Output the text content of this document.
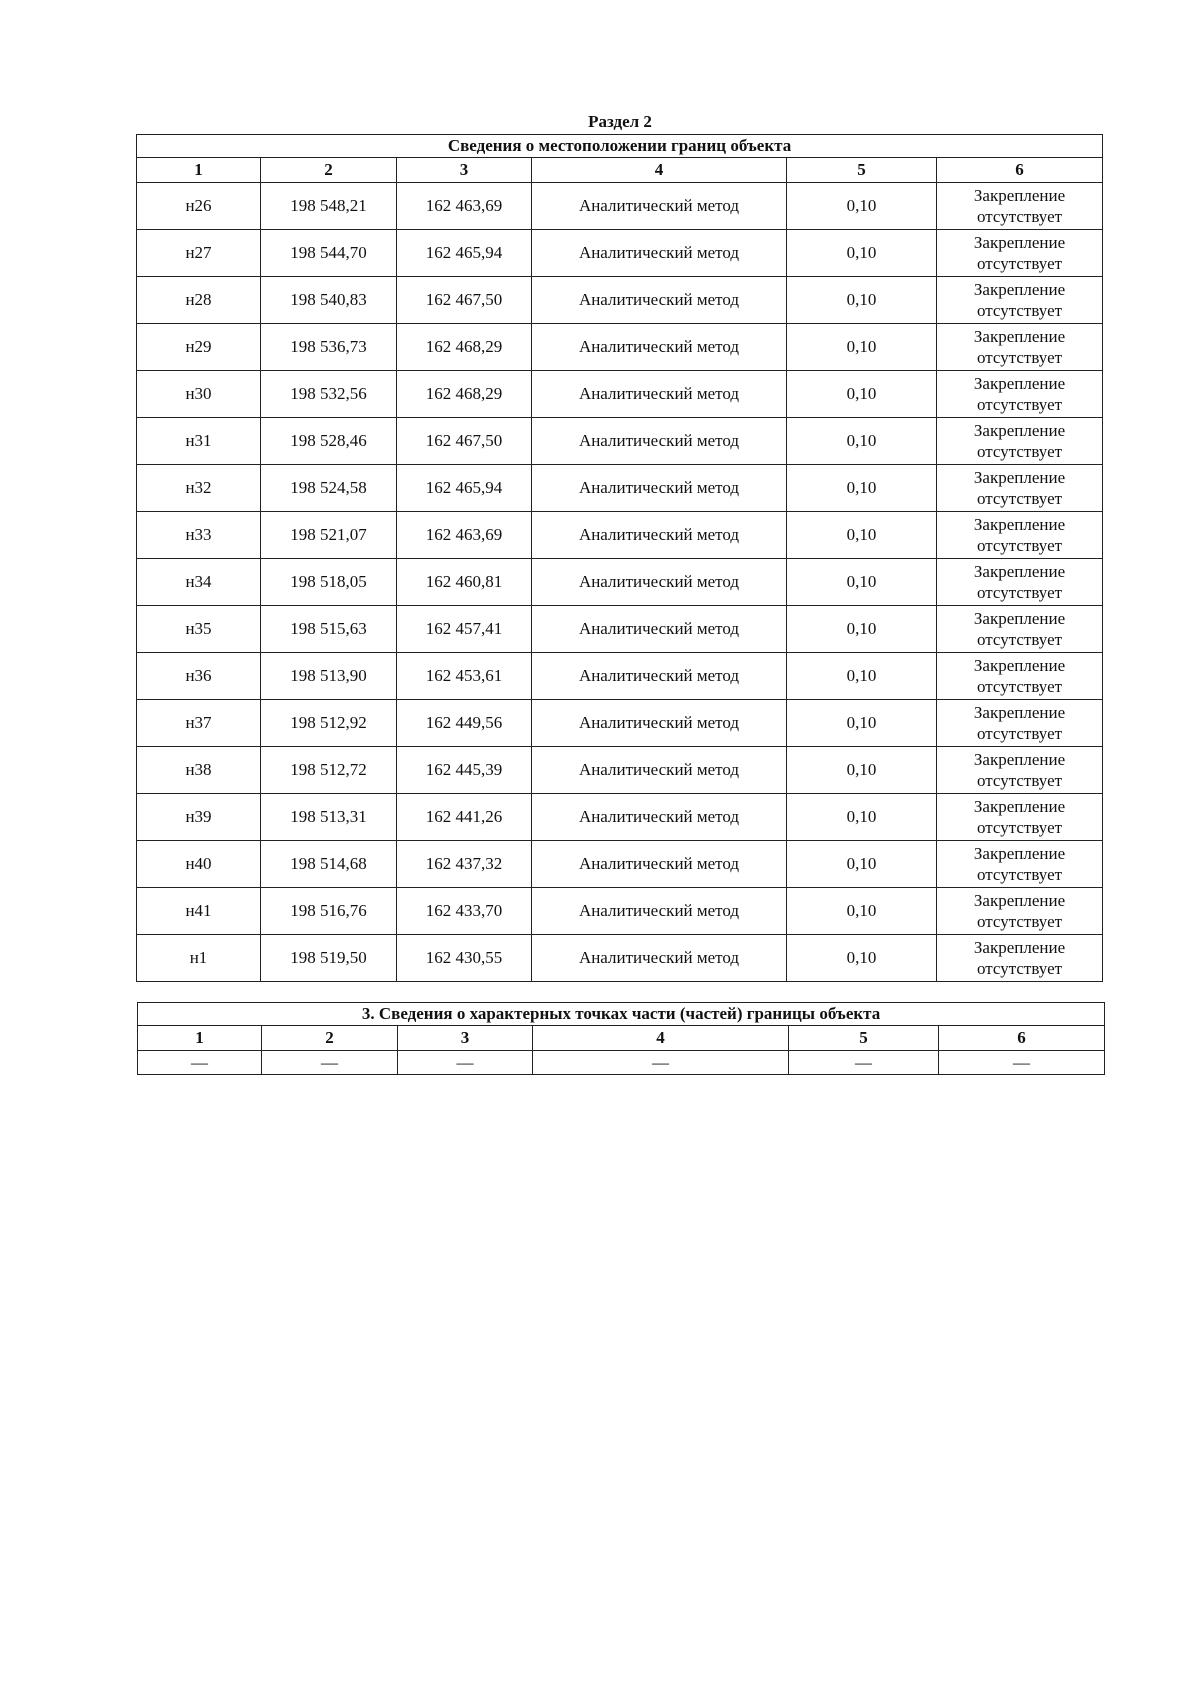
Раздел 2
Сведения о местоположении границ объекта					
1	2	3	4	5	6
н26	198 548,21	162 463,69	Аналитический метод	0,10	Закрепление
отсутствует

н27	198 544,70	162 465,94	Аналитический метод	0,10	Закрепление
отсутствует

н28	198 540,83	162 467,50	Аналитический метод	0,10	Закрепление
отсутствует

н29	198 536,73	162 468,29	Аналитический метод	0,10	Закрепление
отсутствует

н30	198 532,56	162 468,29	Аналитический метод	0,10	Закрепление
отсутствует

н31	198 528,46	162 467,50	Аналитический метод	0,10	Закрепление
отсутствует

н32	198 524,58	162 465,94	Аналитический метод	0,10	Закрепление
отсутствует

н33	198 521,07	162 463,69	Аналитический метод	0,10	Закрепление
отсутствует

н34	198 518,05	162 460,81	Аналитический метод	0,10	Закрепление
отсутствует

н35	198 515,63	162 457,41	Аналитический метод	0,10	Закрепление
отсутствует

н36	198 513,90	162 453,61	Аналитический метод	0,10	Закрепление
отсутствует

н37	198 512,92	162 449,56	Аналитический метод	0,10	Закрепление
отсутствует

н38	198 512,72	162 445,39	Аналитический метод	0,10	Закрепление
отсутствует

н39	198 513,31	162 441,26	Аналитический метод	0,10	Закрепление
отсутствует

н40	198 514,68	162 437,32	Аналитический метод	0,10	Закрепление
отсутствует

н41	198 516,76	162 433,70	Аналитический метод	0,10	Закрепление
отсутствует

н1	198 519,50	162 430,55	Аналитический метод	0,10	Закрепление
отсутствует
3. Сведения о характерных точках части (частей) границы объекта					
1	2	3	4	5	6
—	—	—	—	—	—
